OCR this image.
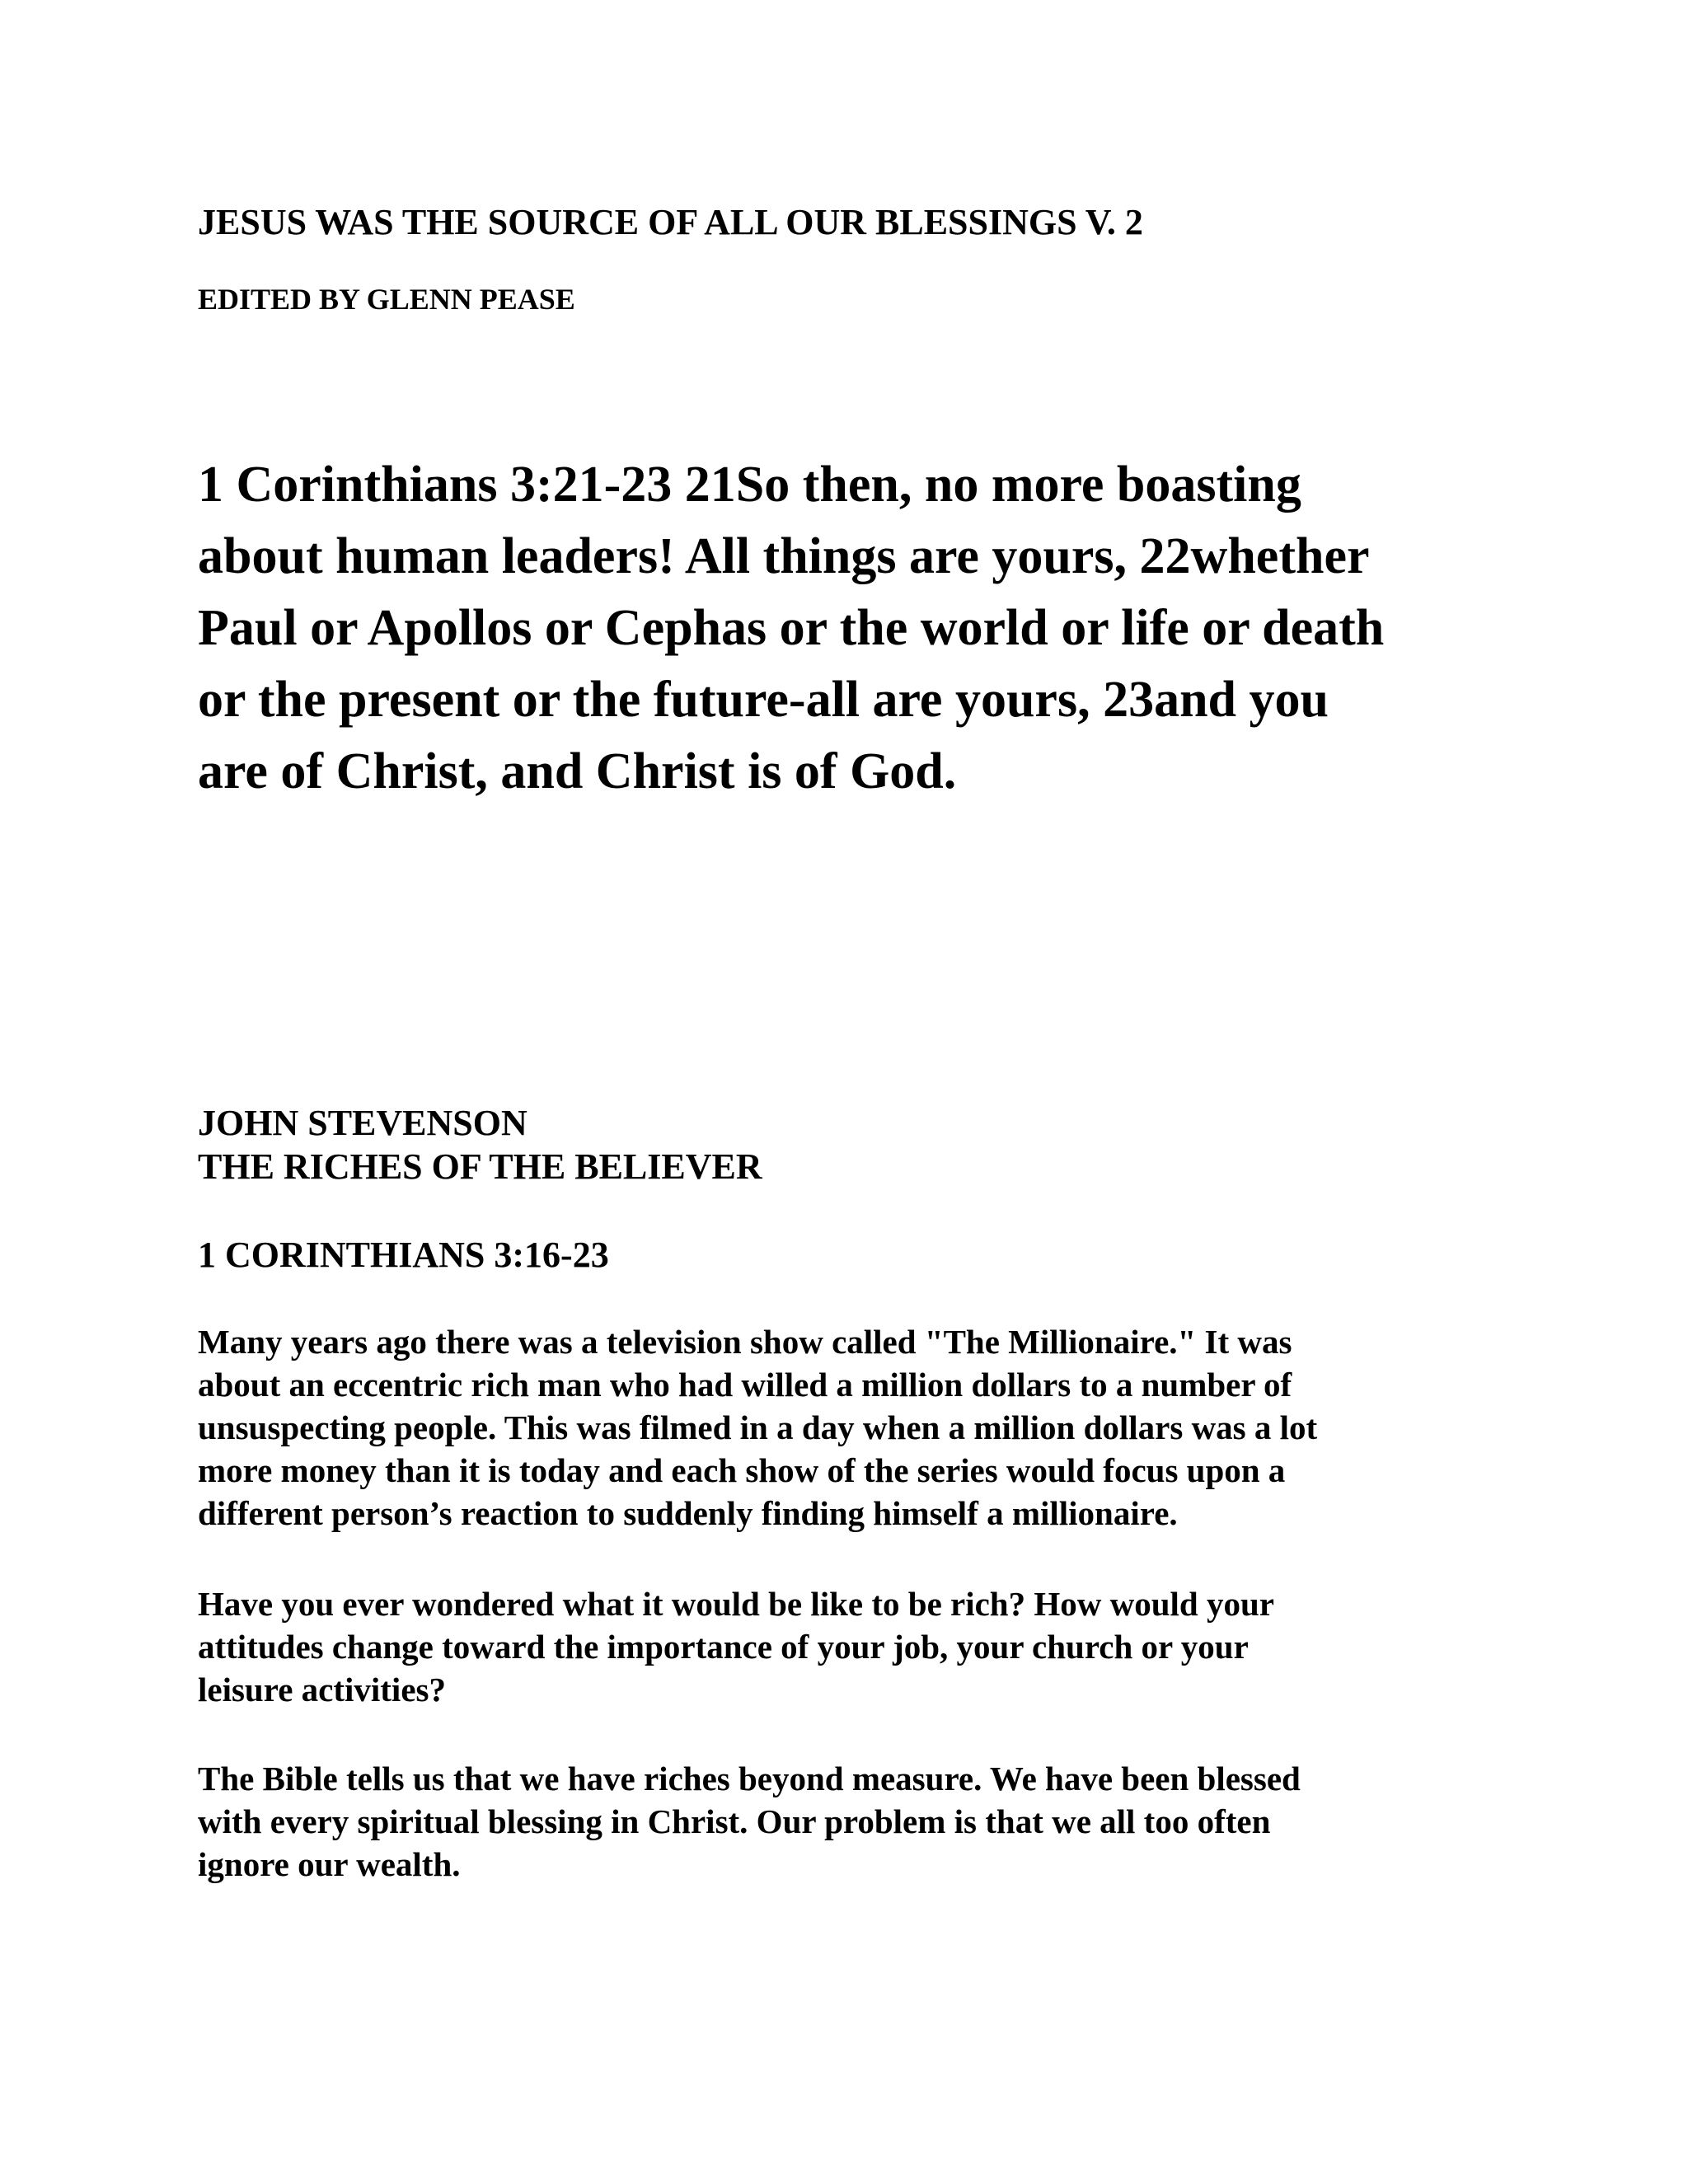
JESUS WAS THE SOURCE OF ALL OUR BLESSINGS V. 2

EDITED BY GLENN PEASE

1 Corinthians 3:21-23 21So then, no more boasting
about human leaders! All things are yours, 22whether
Paul or Apollos or Cephas or the world or life or death
or the present or the future-all are yours, 23and you
are of Christ, and Christ is of God.

JOHN STEVENSON

THE RICHES OF THE BELIEVER

1 CORINTHIANS 3:16-23

Many years ago there was a television show called "The Millionaire." It was
about an eccentric rich man who had willed a million dollars to a number of
unsuspecting people. This was filmed in a day when a million dollars was a lot
more money than it is today and each show of the series would focus upon a
different person’s reaction to suddenly finding himself a millionaire.
Have you ever wondered what it would be like to be rich? How would your
attitudes change toward the importance of your job, your church or your
leisure activities?
The Bible tells us that we have riches beyond measure. We have been blessed
with every spiritual blessing in Christ. Our problem is that we all too often
ignore our wealth.
